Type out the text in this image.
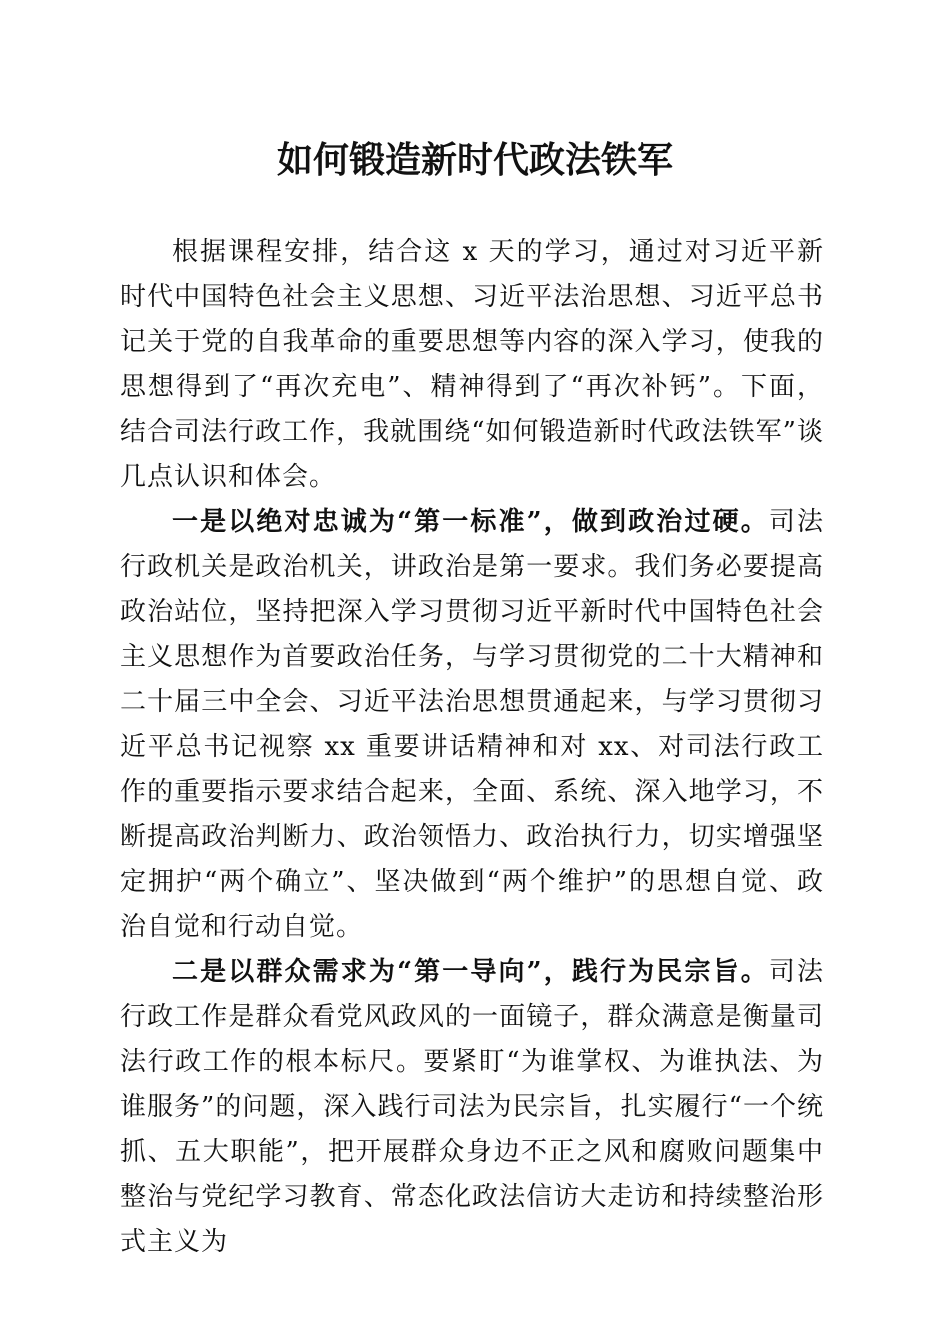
如何锻造新时代政法铁军

根据课程安排，结合这 x 天的学习，通过对习近平新时代中国特色社会主义思想、习近平法治思想、习近平总书记关于党的自我革命的重要思想等内容的深入学习，使我的思想得到了“再次充电”、精神得到了“再次补钙”。下面，结合司法行政工作，我就围绕“如何锻造新时代政法铁军”谈几点认识和体会。

一是以绝对忠诚为“第一标准”，做到政治过硬。司法行政机关是政治机关，讲政治是第一要求。我们务必要提高政治站位，坚持把深入学习贯彻习近平新时代中国特色社会主义思想作为首要政治任务，与学习贯彻党的二十大精神和二十届三中全会、习近平法治思想贯通起来，与学习贯彻习近平总书记视察 xx 重要讲话精神和对 xx、对司法行政工作的重要指示要求结合起来，全面、系统、深入地学习，不断提高政治判断力、政治领悟力、政治执行力，切实增强坚定拥护“两个确立”、坚决做到“两个维护”的思想自觉、政治自觉和行动自觉。

二是以群众需求为“第一导向”，践行为民宗旨。司法行政工作是群众看党风政风的一面镜子，群众满意是衡量司法行政工作的根本标尺。要紧盯“为谁掌权、为谁执法、为谁服务”的问题，深入践行司法为民宗旨，扎实履行“一个统抓、五大职能”，把开展群众身边不正之风和腐败问题集中整治与党纪学习教育、常态化政法信访大走访和持续整治形式主义为
